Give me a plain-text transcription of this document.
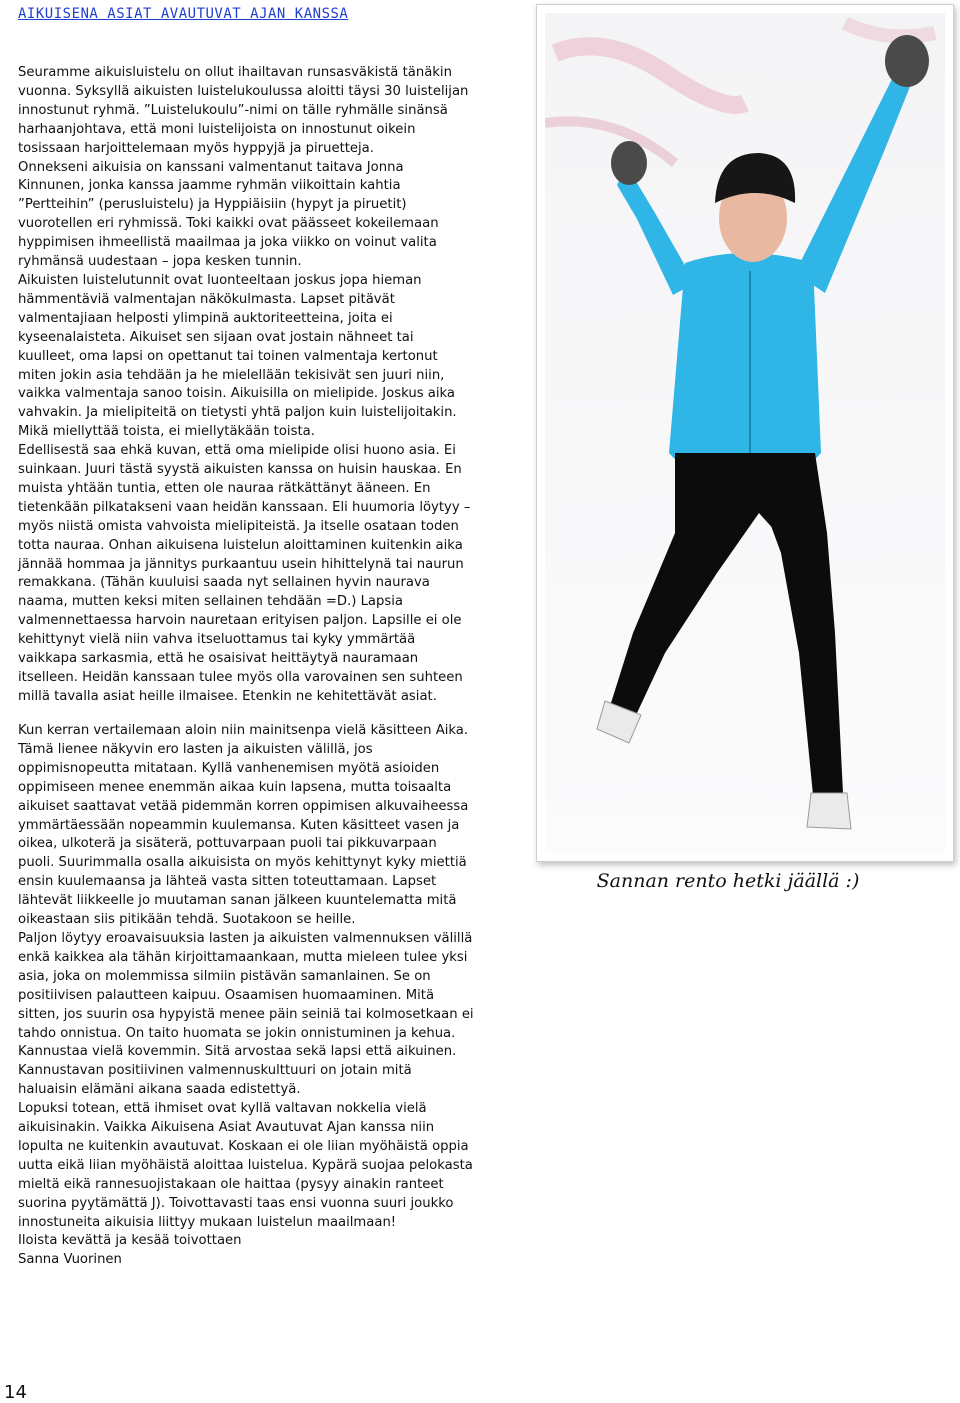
AIKUISENA ASIAT AVAUTUVAT AJAN KANSSA

Seuramme aikuisluistelu on ollut ihailtavan runsasväkistä tänäkin vuonna. Syksyllä aikuisten luistelukoulussa aloitti täysi 30 luistelijan innostunut ryhmä. ”Luistelukoulu”-nimi on tälle ryhmälle sinänsä harhaanjohtava, että moni luistelijoista on innostunut oikein tosissaan harjoittelemaan myös hyppyjä ja piruetteja.

Onnekseni aikuisia on kanssani valmentanut taitava Jonna Kinnunen, jonka kanssa jaamme ryhmän viikoittain kahtia ”Pertteihin” (perusluistelu) ja Hyppiäisiin (hypyt ja piruetit) vuorotellen eri ryhmissä. Toki kaikki ovat päässeet kokeilemaan hyppimisen ihmeellistä maailmaa ja joka viikko on voinut valita ryhmänsä uudestaan – jopa kesken tunnin.

Aikuisten luistelutunnit ovat luonteeltaan joskus jopa hieman hämmentäviä valmentajan näkökulmasta. Lapset pitävät valmentajiaan helposti ylimpinä auktoriteetteina, joita ei kyseenalaisteta. Aikuiset sen sijaan ovat jostain nähneet tai kuulleet, oma lapsi on opettanut tai toinen valmentaja kertonut miten jokin asia tehdään ja he mielellään tekisivät sen juuri niin, vaikka valmentaja sanoo toisin. Aikuisilla on mielipide. Joskus aika vahvakin. Ja mielipiteitä on tietysti yhtä paljon kuin luistelijoitakin. Mikä miellyttää toista, ei miellytäkään toista.

Edellisestä saa ehkä kuvan, että oma mielipide olisi huono asia. Ei suinkaan. Juuri tästä syystä aikuisten kanssa on huisin hauskaa. En muista yhtään tuntia, etten ole nauraa rätkättänyt ääneen. En tietenkään pilkatakseni vaan heidän kanssaan. Eli huumoria löytyy – myös niistä omista vahvoista mielipiteistä. Ja itselle osataan toden totta nauraa. Onhan aikuisena luistelun aloittaminen kuitenkin aika jännää hommaa ja jännitys purkaantuu usein hihittelynä tai naurun remakkana. (Tähän kuuluisi saada nyt sellainen hyvin naurava naama, mutten keksi miten sellainen tehdään =D.) Lapsia valmennettaessa harvoin nauretaan erityisen paljon. Lapsille ei ole kehittynyt vielä niin vahva itseluottamus tai kyky ymmärtää vaikkapa sarkasmia, että he osaisivat heittäytyä nauramaan itselleen. Heidän kanssaan tulee myös olla varovainen sen suhteen millä tavalla asiat heille ilmaisee. Etenkin ne kehitettävät asiat.

Kun kerran vertailemaan aloin niin mainitsenpa vielä käsitteen Aika. Tämä lienee näkyvin ero lasten ja aikuisten välillä, jos oppimisnopeutta mitataan. Kyllä vanhenemisen myötä asioiden oppimiseen menee enemmän aikaa kuin lapsena, mutta toisaalta aikuiset saattavat vetää pidemmän korren oppimisen alkuvaiheessa ymmärtäessään nopeammin kuulemansa. Kuten käsitteet vasen ja oikea, ulkoterä ja sisäterä, pottuvarpaan puoli tai pikkuvarpaan puoli. Suurimmalla osalla aikuisista on myös kehittynyt kyky miettiä ensin kuulemaansa ja lähteä vasta sitten toteuttamaan. Lapset lähtevät liikkeelle jo muutaman sanan jälkeen kuuntelematta mitä oikeastaan siis pitikään tehdä. Suotakoon se heille.

Paljon löytyy eroavaisuuksia lasten ja aikuisten valmennuksen välillä enkä kaikkea ala tähän kirjoittamaankaan, mutta mieleen tulee yksi asia, joka on molemmissa silmiin pistävän samanlainen. Se on positiivisen palautteen kaipuu. Osaamisen huomaaminen. Mitä sitten, jos suurin osa hypyistä menee päin seiniä tai kolmosetkaan ei tahdo onnistua. On taito huomata se jokin onnistuminen ja kehua. Kannustaa vielä kovemmin. Sitä arvostaa sekä lapsi että aikuinen. Kannustavan positiivinen valmennuskulttuuri on jotain mitä haluaisin elämäni aikana saada edistettyä.

Lopuksi totean, että ihmiset ovat kyllä valtavan nokkelia vielä aikuisinakin. Vaikka Aikuisena Asiat Avautuvat Ajan kanssa niin lopulta ne kuitenkin avautuvat. Koskaan ei ole liian myöhäistä oppia uutta eikä liian myöhäistä aloittaa luistelua. Kypärä suojaa pelokasta mieltä eikä rannesuojistakaan ole haittaa (pysyy ainakin ranteet suorina pyytämättä J). Toivottavasti taas ensi vuonna suuri joukko innostuneita aikuisia liittyy mukaan luistelun maailmaan!

Iloista kevättä ja kesää toivottaen

Sanna Vuorinen

Sannan rento hetki jäällä :)
14
